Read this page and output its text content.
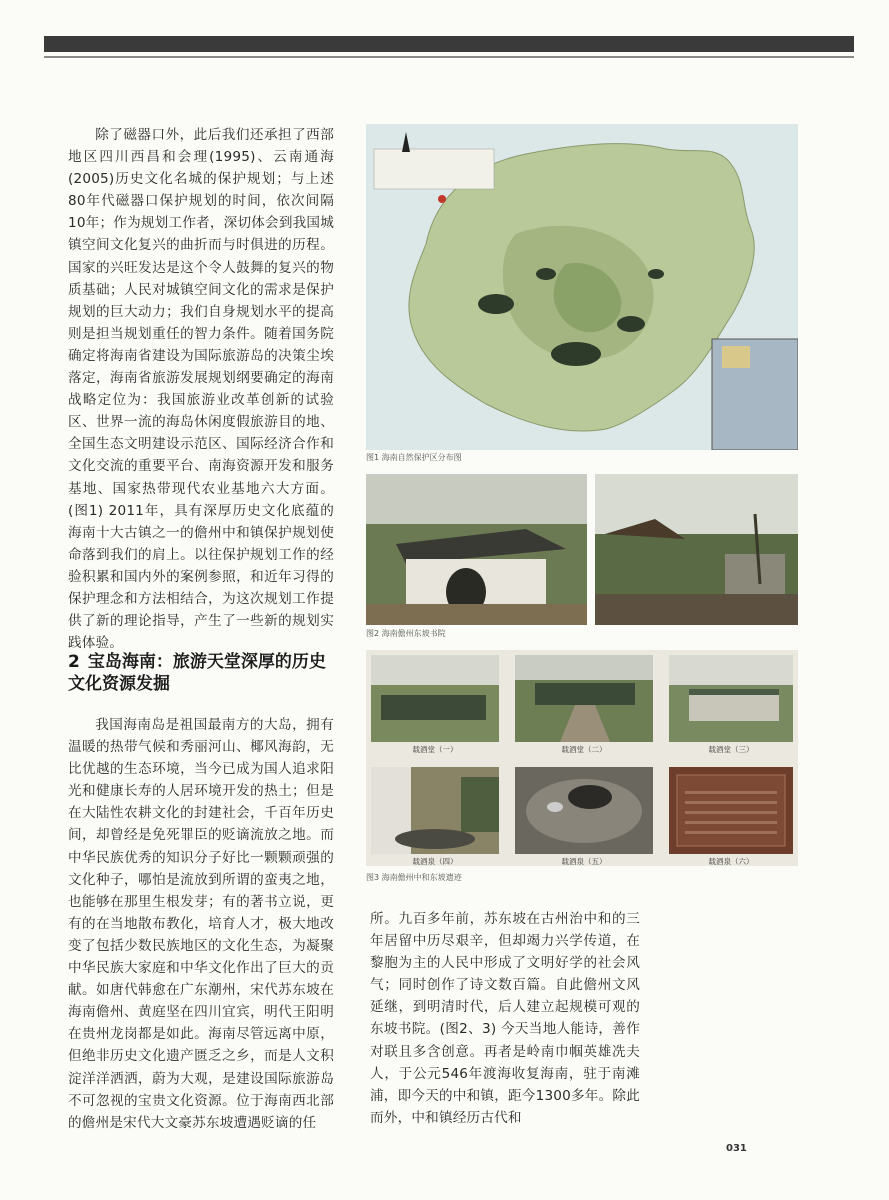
除了磁器口外，此后我们还承担了西部地区四川西昌和会理(1995)、云南通海(2005)历史文化名城的保护规划；与上述80年代磁器口保护规划的时间，依次间隔10年；作为规划工作者，深切体会到我国城镇空间文化复兴的曲折而与时俱进的历程。国家的兴旺发达是这个令人鼓舞的复兴的物质基础；人民对城镇空间文化的需求是保护规划的巨大动力；我们自身规划水平的提高则是担当规划重任的智力条件。随着国务院确定将海南省建设为国际旅游岛的决策尘埃落定，海南省旅游发展规划纲要确定的海南战略定位为：我国旅游业改革创新的试验区、世界一流的海岛休闲度假旅游目的地、全国生态文明建设示范区、国际经济合作和文化交流的重要平台、南海资源开发和服务基地、国家热带现代农业基地六大方面。(图1) 2011年，具有深厚历史文化底蕴的海南十大古镇之一的儋州中和镇保护规划使命落到我们的肩上。以往保护规划工作的经验积累和国内外的案例参照，和近年习得的保护理念和方法相结合，为这次规划工作提供了新的理论指导，产生了一些新的规划实践体验。

2 宝岛海南：旅游天堂深厚的历史文化资源发掘

我国海南岛是祖国最南方的大岛，拥有温暖的热带气候和秀丽河山、椰风海韵，无比优越的生态环境，当今已成为国人追求阳光和健康长寿的人居环境开发的热土；但是在大陆性农耕文化的封建社会，千百年历史间，却曾经是免死罪臣的贬谪流放之地。而中华民族优秀的知识分子好比一颗颗顽强的文化种子，哪怕是流放到所谓的蛮夷之地，也能够在那里生根发芽；有的著书立说，更有的在当地散布教化，培育人才，极大地改变了包括少数民族地区的文化生态，为凝聚中华民族大家庭和中华文化作出了巨大的贡献。如唐代韩愈在广东潮州，宋代苏东坡在海南儋州、黄庭坚在四川宜宾，明代王阳明在贵州龙岗都是如此。海南尽管远离中原，但绝非历史文化遗产匮乏之乡，而是人文积淀洋洋洒洒，蔚为大观，是建设国际旅游岛不可忽视的宝贵文化资源。位于海南西北部的儋州是宋代大文豪苏东坡遭遇贬谪的任

图1 海南自然保护区分布图
图2 海南儋州东坡书院
载酒堂（一）	载酒堂（二）	载酒堂（三）
载酒泉（四）	载酒泉（五）	载酒泉（六）
图3 海南儋州中和东坡遗迹

所。九百多年前，苏东坡在古州治中和的三年居留中历尽艰辛，但却竭力兴学传道，在黎胞为主的人民中形成了文明好学的社会风气；同时创作了诗文数百篇。自此儋州文风延继，到明清时代，后人建立起规模可观的东坡书院。(图2、3) 今天当地人能诗，善作对联且多含创意。再者是岭南巾帼英雄冼夫人，于公元546年渡海收复海南，驻于南滩浦，即今天的中和镇，距今1300多年。除此而外，中和镇经历古代和

031
